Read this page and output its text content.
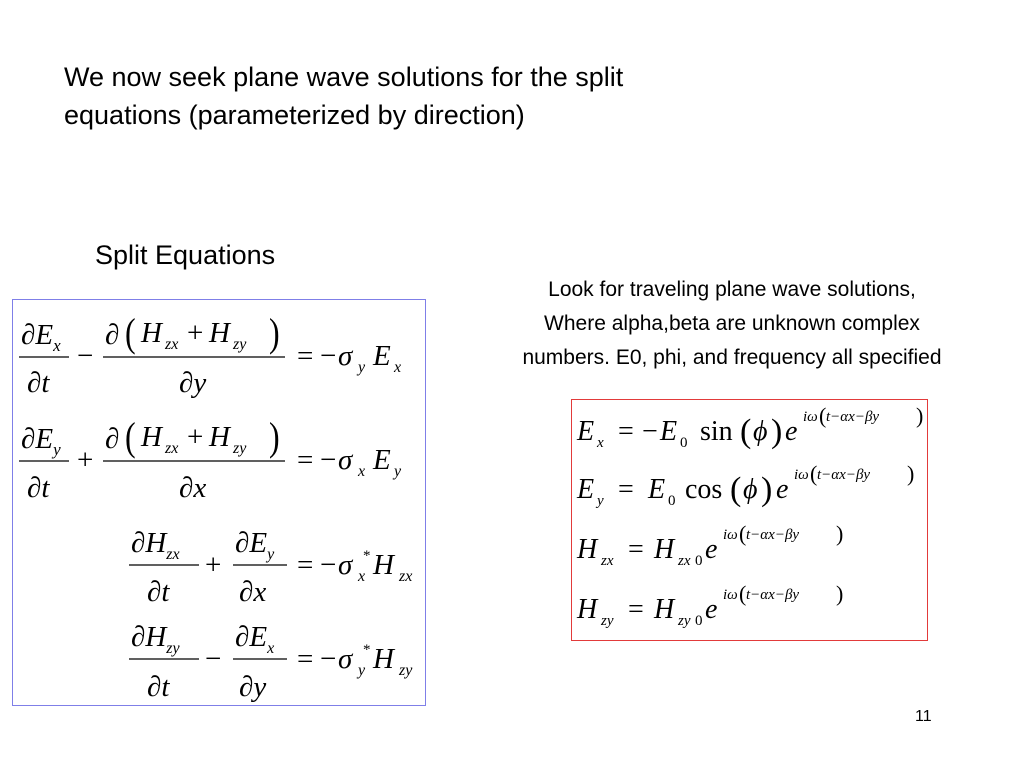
We now seek plane wave solutions for the split
equations (parameterized by direction)
Split Equations
Look for traveling plane wave solutions,
Where alpha,beta are unknown complex
numbers. E0, phi, and frequency all specified
$\partial E_x$
∂t
−
∂ ( H zx + H zy )
∂y
= − σ y E x
$\partial E_y$
∂t
+
∂ ( H zx + H zy )
∂x
= − σ x E y
$\partial H_{zx}$
∂t
+
$\partial E_y$
∂x
= − σ *
x H zx
$\partial H_{zy}$
∂t
−
$\partial E_x$
∂y
= − σ *
y H zy
E x = − E 0 sin ( ϕ ) e iω ( t−αx−βy )
E y = E 0 cos ( ϕ ) e iω ( t−αx−βy )
H zx = H zx 0 e iω ( t−αx−βy )
H zy = H zy 0 e iω ( t−αx−βy )
11
